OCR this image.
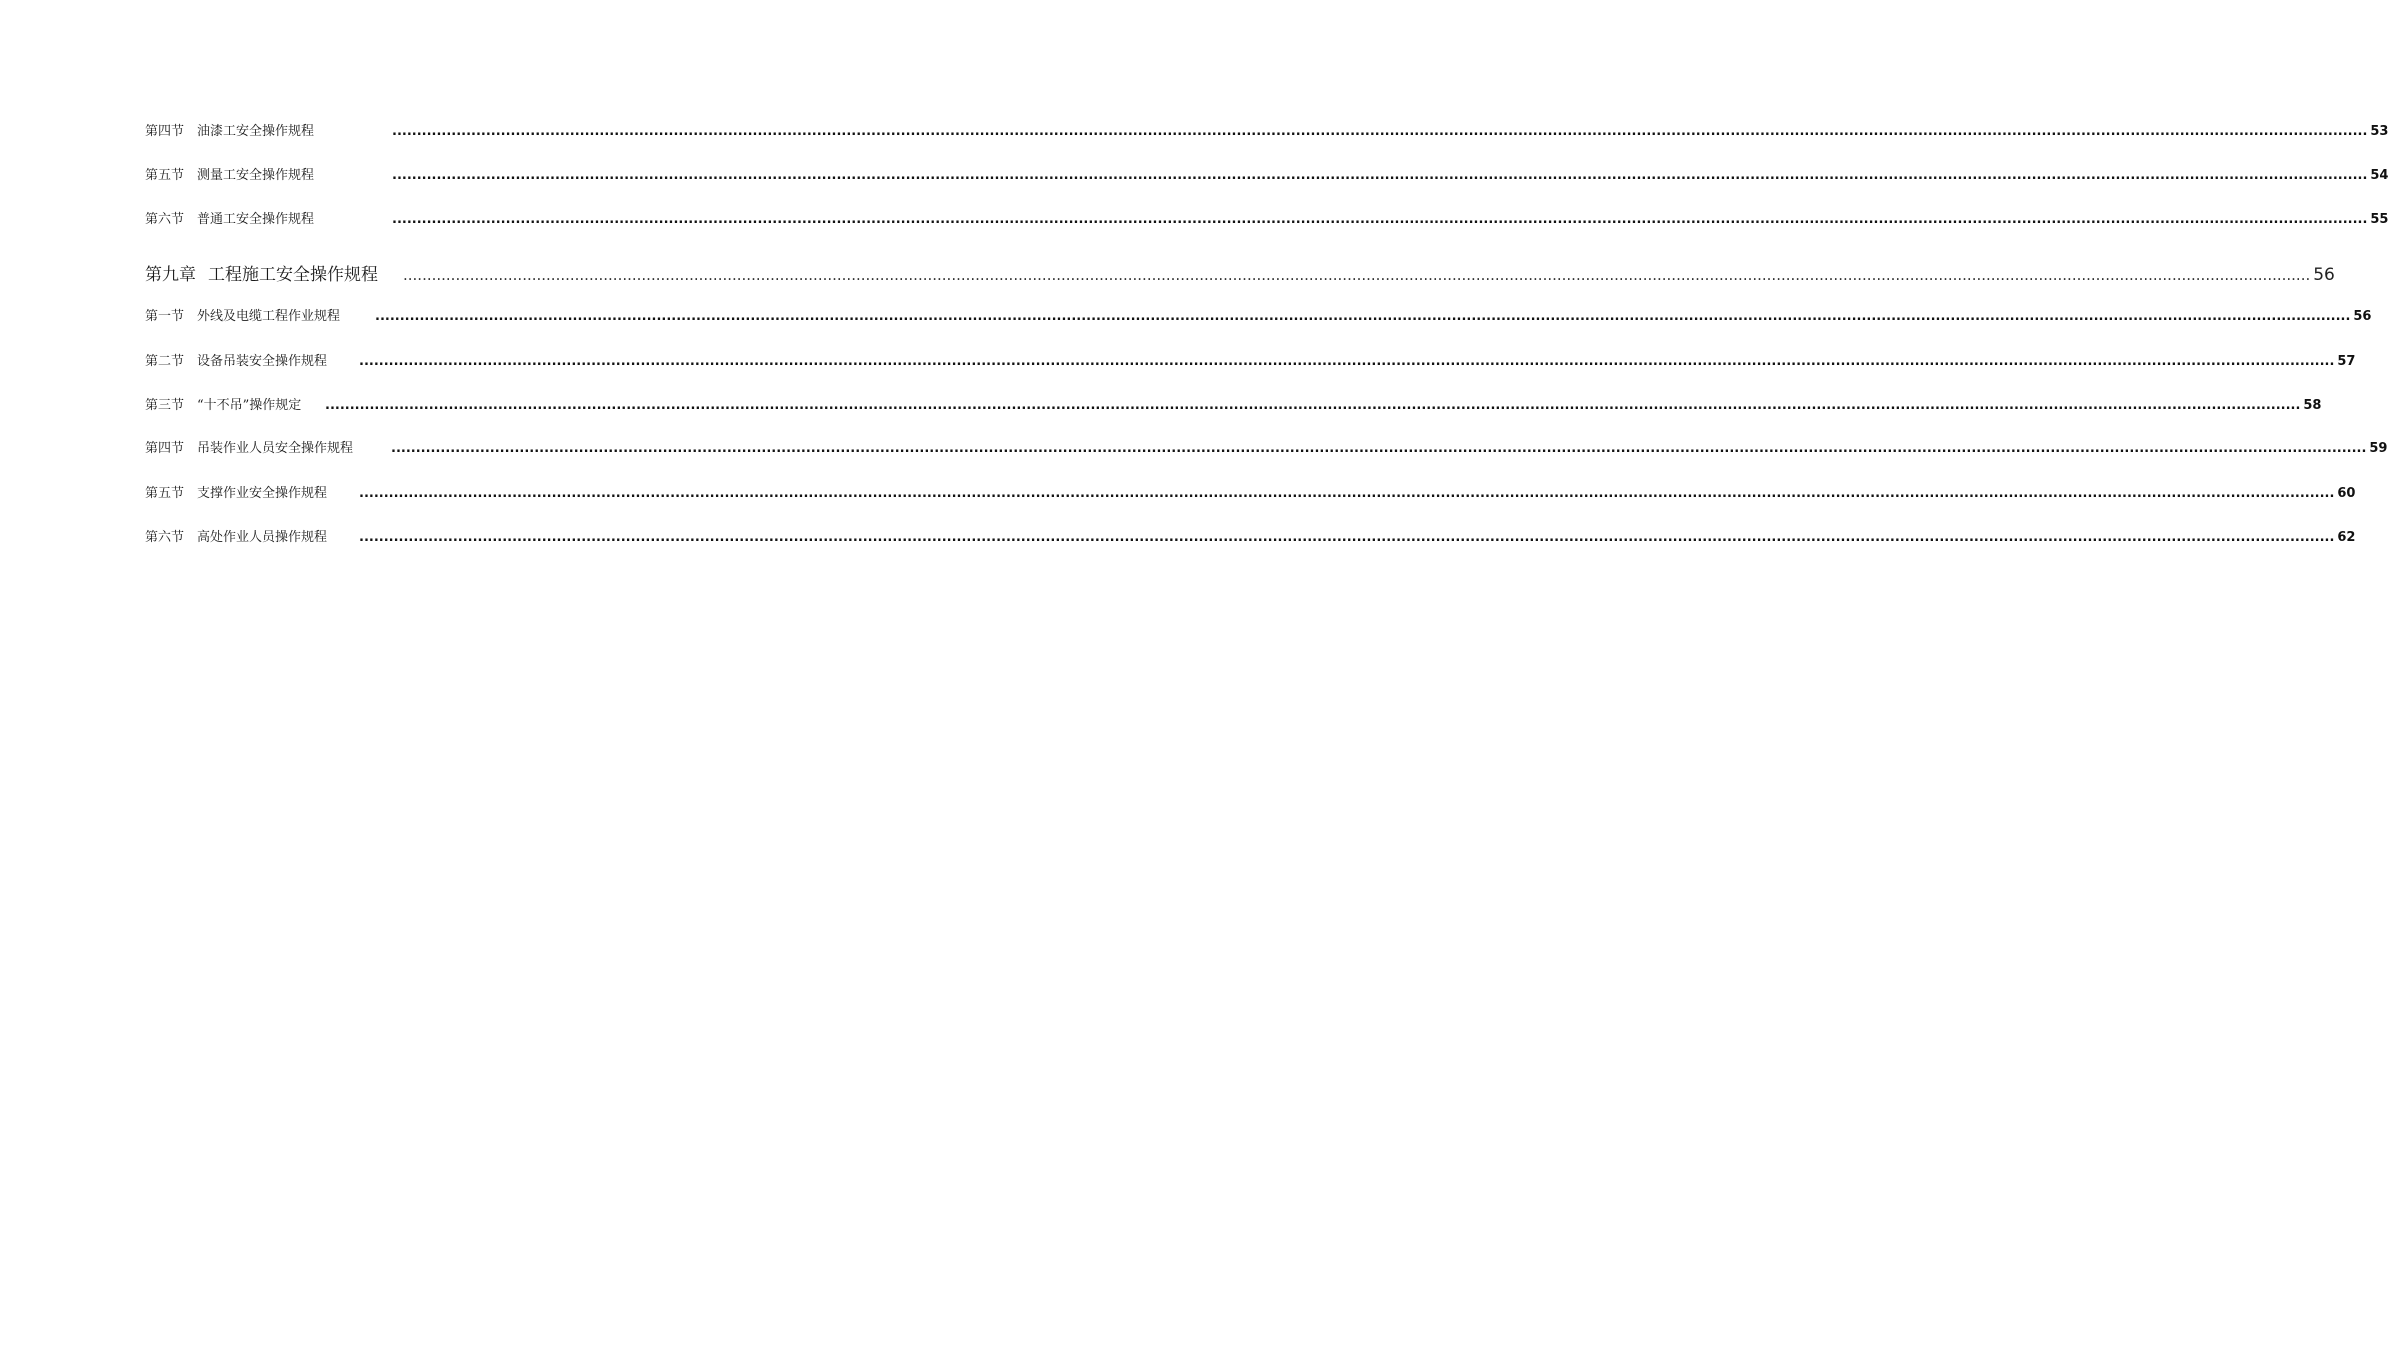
第四节 油漆工安全操作规程	................................................................................................................................................................................................................................................................................................................................................................................................................ 53
第五节 测量工安全操作规程	................................................................................................................................................................................................................................................................................................................................................................................................................ 54
第六节 普通工安全操作规程	................................................................................................................................................................................................................................................................................................................................................................................................................ 55
第九章 工程施工安全操作规程	................................................................................................................................................................................................................................................................................................................................................................................................................ 56
第一节 外线及电缆工程作业规程	................................................................................................................................................................................................................................................................................................................................................................................................................ 56
第二节 设备吊装安全操作规程	................................................................................................................................................................................................................................................................................................................................................................................................................ 57
第三节 “十不吊”操作规定	................................................................................................................................................................................................................................................................................................................................................................................................................ 58
第四节 吊装作业人员安全操作规程	................................................................................................................................................................................................................................................................................................................................................................................................................ 59
第五节 支撑作业安全操作规程	................................................................................................................................................................................................................................................................................................................................................................................................................ 60
第六节 高处作业人员操作规程	................................................................................................................................................................................................................................................................................................................................................................................................................ 62
